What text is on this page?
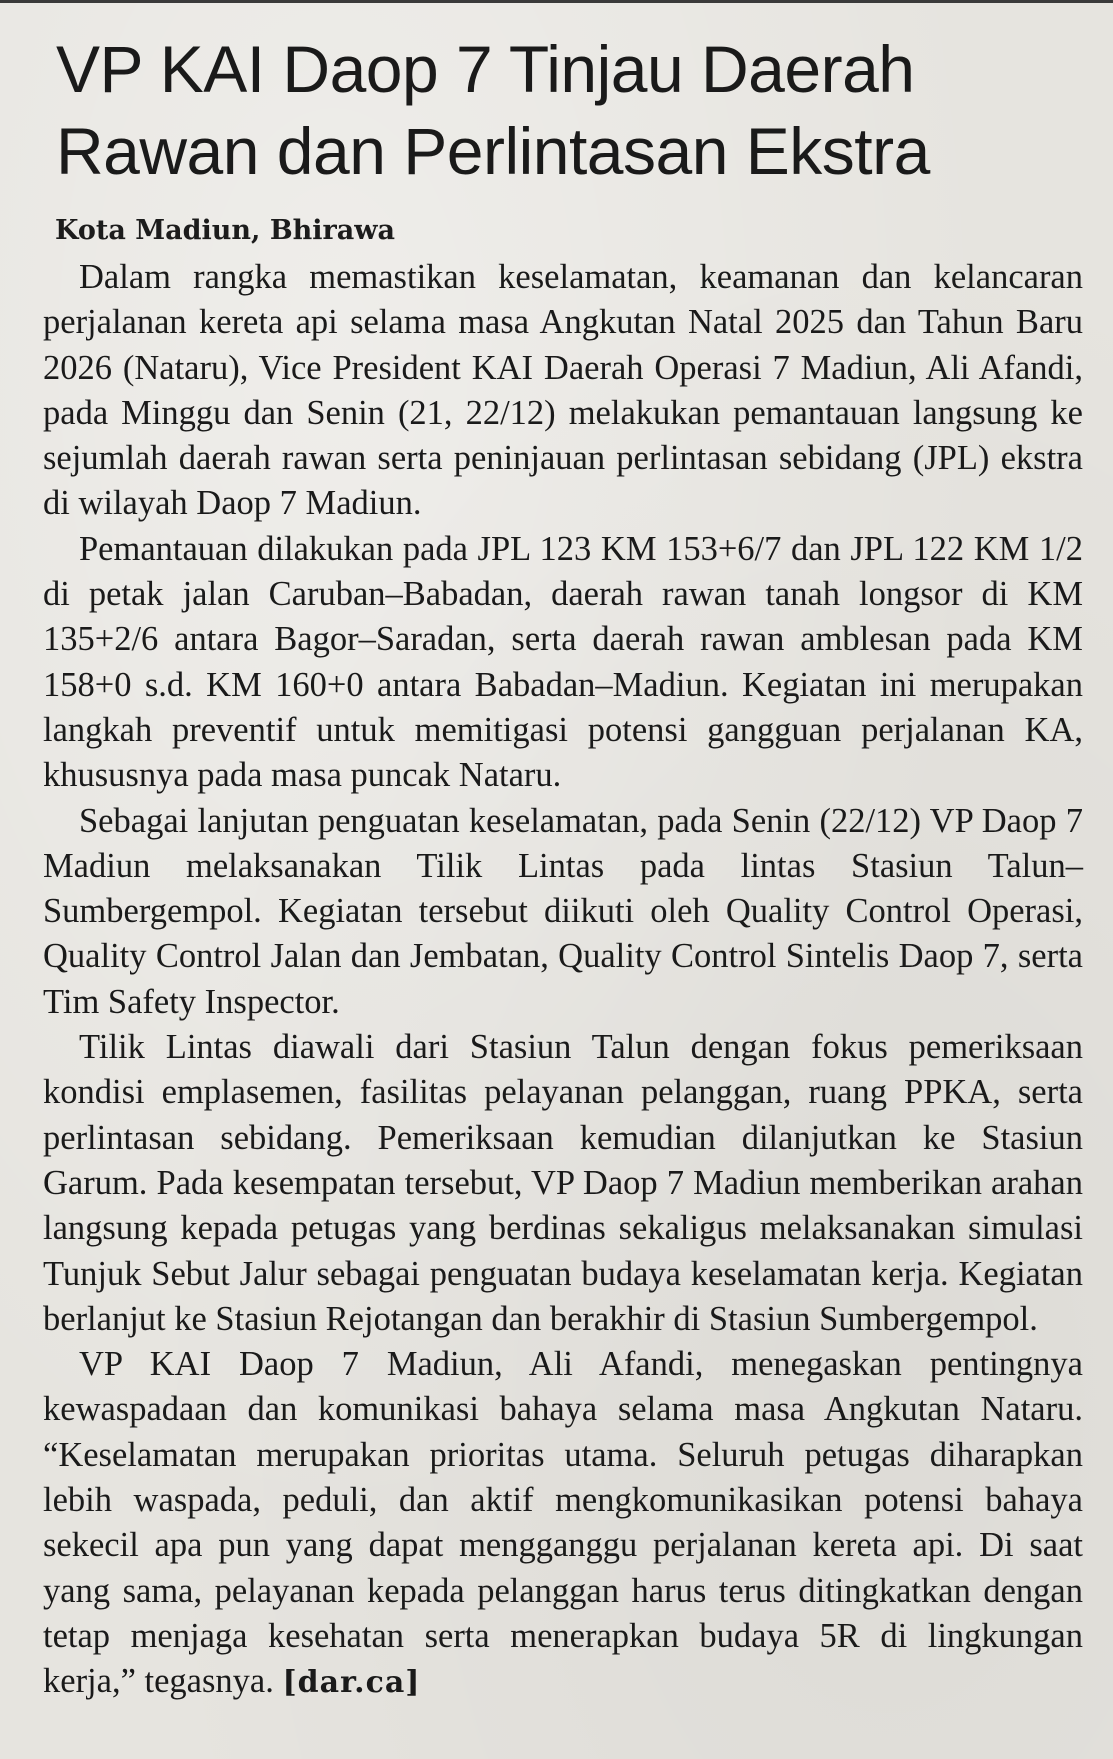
VP KAI Daop 7 Tinjau Daerah
Rawan dan Perlintasan Ekstra

Kota Madiun, Bhirawa

Dalam rangka memastikan keselamatan, keamanan dan kelancaran perjalanan kereta api selama masa Angkutan Natal 2025 dan Tahun Baru 2026 (Nataru), Vice President KAI Daerah Operasi 7 Madiun, Ali Afandi, pada Minggu dan Senin (21, 22/12) melakukan pemantauan langsung ke sejumlah daerah rawan serta peninjauan perlintasan sebidang (JPL) ekstra di wilayah Daop 7 Madiun.

Pemantauan dilakukan pada JPL 123 KM 153+6/7 dan JPL 122 KM 1/2 di petak jalan Caruban–Babadan, daerah rawan tanah longsor di KM 135+2/6 antara Bagor–Saradan, serta daerah rawan amblesan pada KM 158+0 s.d. KM 160+0 antara Babadan–Madiun. Kegiatan ini merupakan langkah preventif untuk memitigasi potensi gangguan perjalanan KA, khususnya pada masa puncak Nataru.

Sebagai lanjutan penguatan keselamatan, pada Senin (22/12) VP Daop 7 Madiun melaksanakan Tilik Lintas pada lintas Stasiun Talun–Sumbergempol. Kegiatan tersebut diikuti oleh Quality Control Operasi, Quality Control Jalan dan Jembatan, Quality Control Sintelis Daop 7, serta Tim Safety Inspector.

Tilik Lintas diawali dari Stasiun Talun dengan fokus pemeriksaan kondisi emplasemen, fasilitas pelayanan pelanggan, ruang PPKA, serta perlintasan sebidang. Pemeriksaan kemudian dilanjutkan ke Stasiun Garum. Pada kesempatan tersebut, VP Daop 7 Madiun memberikan arahan langsung kepada petugas yang berdinas sekaligus melaksanakan simulasi Tunjuk Sebut Jalur sebagai penguatan budaya keselamatan kerja. Kegiatan berlanjut ke Stasiun Rejotangan dan berakhir di Stasiun Sumbergempol.

VP KAI Daop 7 Madiun, Ali Afandi, menegaskan pentingnya kewaspadaan dan komunikasi bahaya selama masa Angkutan Nataru. “Keselamatan merupakan prioritas utama. Seluruh petugas diharapkan lebih waspada, peduli, dan aktif mengkomunikasikan potensi bahaya sekecil apa pun yang dapat mengganggu perjalanan kereta api. Di saat yang sama, pelayanan kepada pelanggan harus terus ditingkatkan dengan tetap menjaga kesehatan serta menerapkan budaya 5R di lingkungan kerja,” tegasnya. [dar.ca]
